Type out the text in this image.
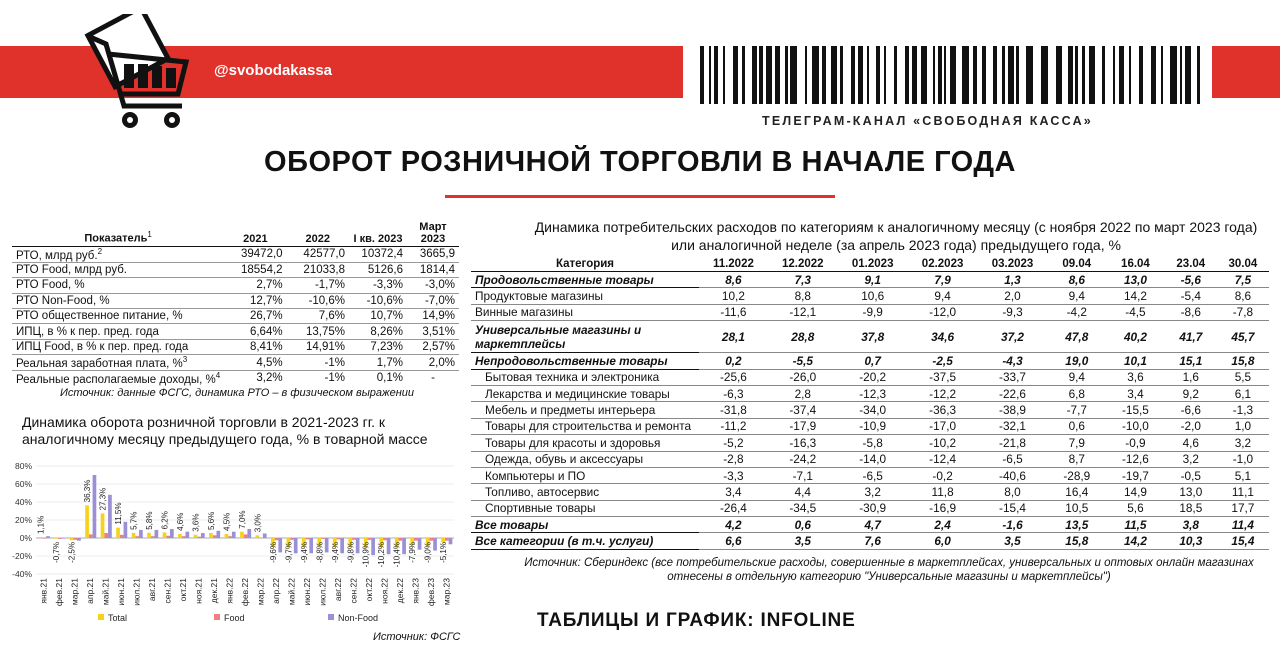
@svobodakassa
ТЕЛЕГРАМ-КАНАЛ «СВОБОДНАЯ КАССА»
ОБОРОТ РОЗНИЧНОЙ ТОРГОВЛИ В НАЧАЛЕ ГОДА
Показатель$^1$	2021	2022	I кв. 2023	Март 2023
РТО, млрд руб.$^2$	39472,0	42577,0	10372,4	3665,9
РТО Food, млрд руб.	18554,2	21033,8	5126,6	1814,4
РТО Food, %	2,7%	-1,7%	-3,3%	-3,0%
РТО Non-Food, %	12,7%	-10,6%	-10,6%	-7,0%
РТО общественное питание, %	26,7%	7,6%	10,7%	14,9%
ИПЦ, в % к пер. пред. года	6,64%	13,75%	8,26%	3,51%
ИПЦ Food, в % к пер. пред. года	8,41%	14,91%	7,23%	2,57%
Реальная заработная плата, %$^3$	4,5%	-1%	1,7%	2,0%
Реальные располагаемые доходы, %$^4$	3,2%	-1%	0,1%	-
Источник: данные ФСГС, динамика РТО – в физическом выражении
Динамика оборота розничной торговли в 2021-2023 гг. к аналогичному месяцу предыдущего года, % в товарной массе
80%
60%
40%
20%
0%
-20%
-40%
1,1%
-0,7% -2,5%
36,3% 27,3%
11,5% 5,7% 5,8% 6,2% 4,6% 3,6% 5,6% 4,5% 7,0% 3,0%
-9,6% -9,7% -9,4% -8,8% -9,4% -9,8% -10,9% -10,2% -10,4% -7,9% -9,0% -5,1%
янв.21 фев.21 мар.21 апр.21 май.21 июн.21 июл.21 авг.21 сен.21 окт.21 ноя.21 дек.21 янв.22 фев.22 мар.22 апр.22 май.22 июн.22 июл.22 авг.22 сен.22 окт.22 ноя.22 дек.22 янв.23 фев.23 мар.23
Total	Food	Non-Food
Источник: ФСГС
Динамика потребительских расходов по категориям к аналогичному месяцу (с ноября 2022 по март 2023 года) или аналогичной неделе (за апрель 2023 года) предыдущего года, %
Категория	11.2022	12.2022	01.2023	02.2023	03.2023	09.04	16.04	23.04	30.04
Продовольственные товары	8,6	7,3	9,1	7,9	1,3	8,6	13,0	-5,6	7,5
Продуктовые магазины	10,2	8,8	10,6	9,4	2,0	9,4	14,2	-5,4	8,6
Винные магазины	-11,6	-12,1	-9,9	-12,0	-9,3	-4,2	-4,5	-8,6	-7,8
Универсальные магазины и маркетплейсы	28,1	28,8	37,8	34,6	37,2	47,8	40,2	41,7	45,7
Непродовольственные товары	0,2	-5,5	0,7	-2,5	-4,3	19,0	10,1	15,1	15,8
Бытовая техника и электроника	-25,6	-26,0	-20,2	-37,5	-33,7	9,4	3,6	1,6	5,5
Лекарства и медицинские товары	-6,3	2,8	-12,3	-12,2	-22,6	6,8	3,4	9,2	6,1
Мебель и предметы интерьера	-31,8	-37,4	-34,0	-36,3	-38,9	-7,7	-15,5	-6,6	-1,3
Товары для строительства и ремонта	-11,2	-17,9	-10,9	-17,0	-32,1	0,6	-10,0	-2,0	1,0
Товары для красоты и здоровья	-5,2	-16,3	-5,8	-10,2	-21,8	7,9	-0,9	4,6	3,2
Одежда, обувь и аксессуары	-2,8	-24,2	-14,0	-12,4	-6,5	8,7	-12,6	3,2	-1,0
Компьютеры и ПО	-3,3	-7,1	-6,5	-0,2	-40,6	-28,9	-19,7	-0,5	5,1
Топливо, автосервис	3,4	4,4	3,2	11,8	8,0	16,4	14,9	13,0	11,1
Спортивные товары	-26,4	-34,5	-30,9	-16,9	-15,4	10,5	5,6	18,5	17,7
Все товары	4,2	0,6	4,7	2,4	-1,6	13,5	11,5	3,8	11,4
Все категории (в т.ч. услуги)	6,6	3,5	7,6	6,0	3,5	15,8	14,2	10,3	15,4
Источник: Сбериндекс (все потребительские расходы, совершенные в маркетплейсах, универсальных и оптовых онлайн магазинах отнесены в отдельную категорию "Универсальные магазины и маркетплейсы")
ТАБЛИЦЫ И ГРАФИК: INFOLINE
